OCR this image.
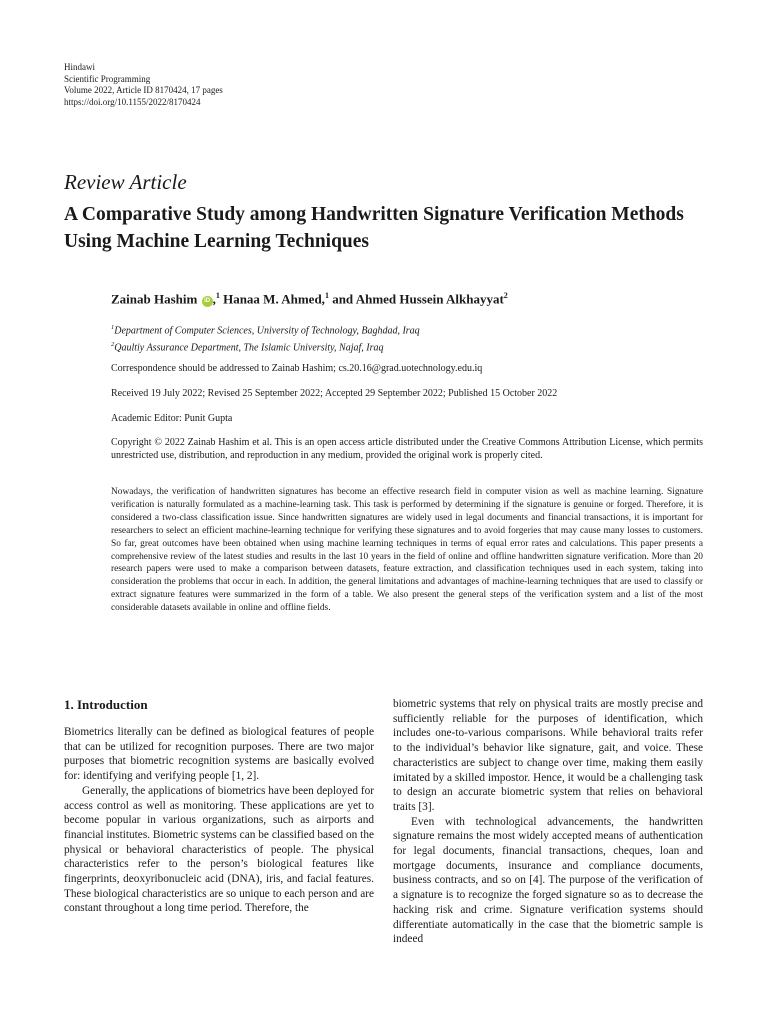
Hindawi
Scientific Programming
Volume 2022, Article ID 8170424, 17 pages
https://doi.org/10.1155/2022/8170424
Review Article
A Comparative Study among Handwritten Signature Verification Methods Using Machine Learning Techniques
Zainab Hashim iD ,$^1$ Hanaa M. Ahmed,$^1$ and Ahmed Hussein Alkhayyat$^2$
$^1$Department of Computer Sciences, University of Technology, Baghdad, Iraq
$^2$Qaultiy Assurance Department, The Islamic University, Najaf, Iraq
Correspondence should be addressed to Zainab Hashim; cs.20.16@grad.uotechnology.edu.iq
Received 19 July 2022; Revised 25 September 2022; Accepted 29 September 2022; Published 15 October 2022
Academic Editor: Punit Gupta
Copyright © 2022 Zainab Hashim et al. This is an open access article distributed under the Creative Commons Attribution License, which permits unrestricted use, distribution, and reproduction in any medium, provided the original work is properly cited.
Nowadays, the verification of handwritten signatures has become an effective research field in computer vision as well as machine learning. Signature verification is naturally formulated as a machine-learning task. This task is performed by determining if the signature is genuine or forged. Therefore, it is considered a two-class classification issue. Since handwritten signatures are widely used in legal documents and financial transactions, it is important for researchers to select an efficient machine-learning technique for verifying these signatures and to avoid forgeries that may cause many losses to customers. So far, great outcomes have been obtained when using machine learning techniques in terms of equal error rates and calculations. This paper presents a comprehensive review of the latest studies and results in the last 10 years in the field of online and offline handwritten signature verification. More than 20 research papers were used to make a comparison between datasets, feature extraction, and classification techniques used in each system, taking into consideration the problems that occur in each. In addition, the general limitations and advantages of machine-learning techniques that are used to classify or extract signature features were summarized in the form of a table. We also present the general steps of the verification system and a list of the most considerable datasets available in online and offline fields.
1. Introduction

Biometrics literally can be defined as biological features of people that can be utilized for recognition purposes. There are two major purposes that biometric recognition systems are basically evolved for: identifying and verifying people [1, 2].

Generally, the applications of biometrics have been deployed for access control as well as monitoring. These applications are yet to become popular in various organizations, such as airports and financial institutes. Biometric systems can be classified based on the physical or behavioral characteristics of people. The physical characteristics refer to the person’s biological features like fingerprints, deoxyribonucleic acid (DNA), iris, and facial features. These biological characteristics are so unique to each person and are constant throughout a long time period. Therefore, the

biometric systems that rely on physical traits are mostly precise and sufficiently reliable for the purposes of identification, which includes one-to-various comparisons. While behavioral traits refer to the individual’s behavior like signature, gait, and voice. These characteristics are subject to change over time, making them easily imitated by a skilled impostor. Hence, it would be a challenging task to design an accurate biometric system that relies on behavioral traits [3].

Even with technological advancements, the handwritten signature remains the most widely accepted means of authentication for legal documents, financial transactions, cheques, loan and mortgage documents, insurance and compliance documents, business contracts, and so on [4]. The purpose of the verification of a signature is to recognize the forged signature so as to decrease the hacking risk and crime. Signature verification systems should differentiate automatically in the case that the biometric sample is indeed
